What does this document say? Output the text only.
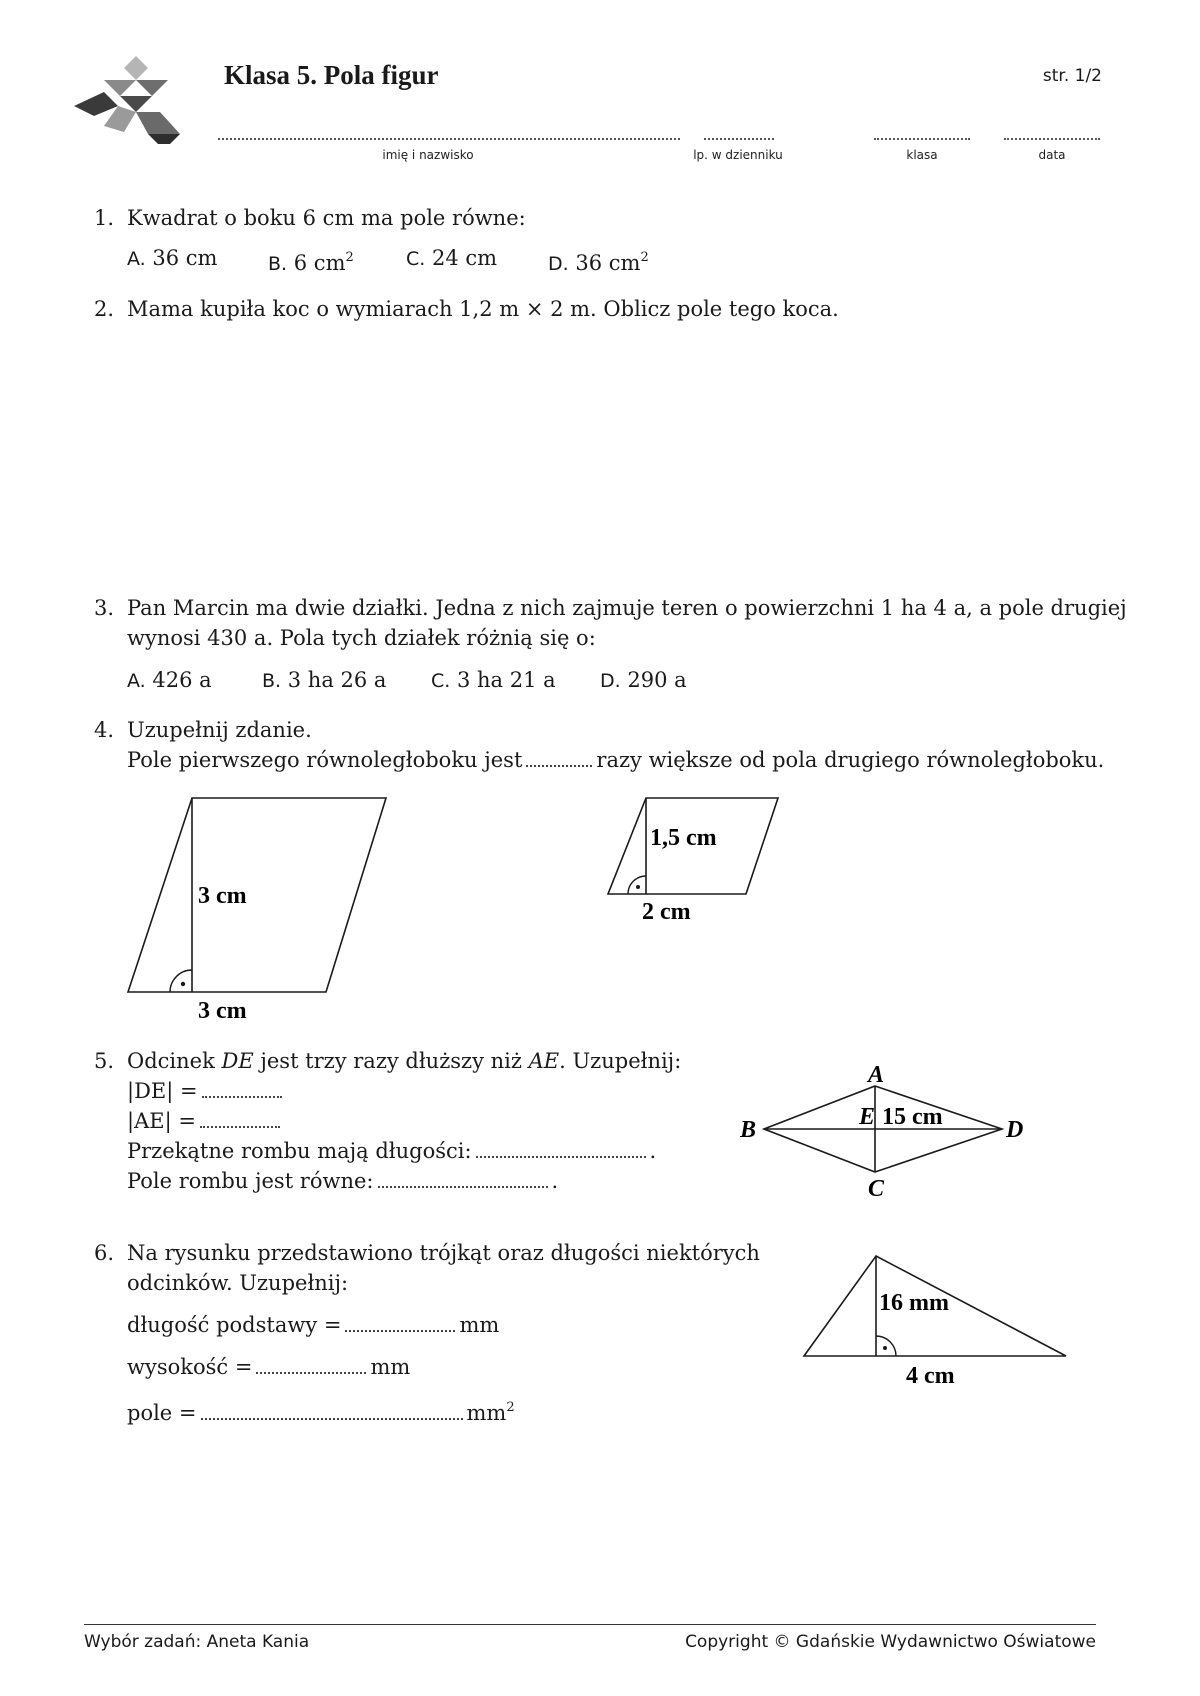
Klasa 5. Pola figur	str. 1/2
imię i nazwisko	lp. w dzienniku	klasa	data
1. Kwadrat o boku 6 cm ma pole równe:
A. 36 cm	B. 6 $cm^2$	C. 24 cm	D. 36 $cm^2$
2. Mama kupiła koc o wymiarach 1,2 m × 2 m. Oblicz pole tego koca.
3. Pan Marcin ma dwie działki. Jedna z nich zajmuje teren o powierzchni 1 ha 4 a, a pole drugiej
wynosi 430 a. Pola tych działek różnią się o:
A. 426 a	B. 3 ha 26 a C. 3 ha 21 a D. 290 a
4. Uzupełnij zdanie.
Pole pierwszego równoległoboku jest	razy większe od pola drugiego równoległoboku.
3 cm
3 cm
1,5 cm
2 cm
5. Odcinek DE jest trzy razy dłuższy niż AE. Uzupełnij:
|DE| =
|AE| =
Przekątne rombu mają długości:	.
Pole rombu jest równe:	.
A
B
C
D
E 15 cm
6. Na rysunku przedstawiono trójkąt oraz długości niektórych
odcinków. Uzupełnij:
długość podstawy =	mm
wysokość =	mm
pole =	$mm^2$
16 mm
4 cm
Wybór zadań: Aneta Kania	Copyright © Gdańskie Wydawnictwo Oświatowe
